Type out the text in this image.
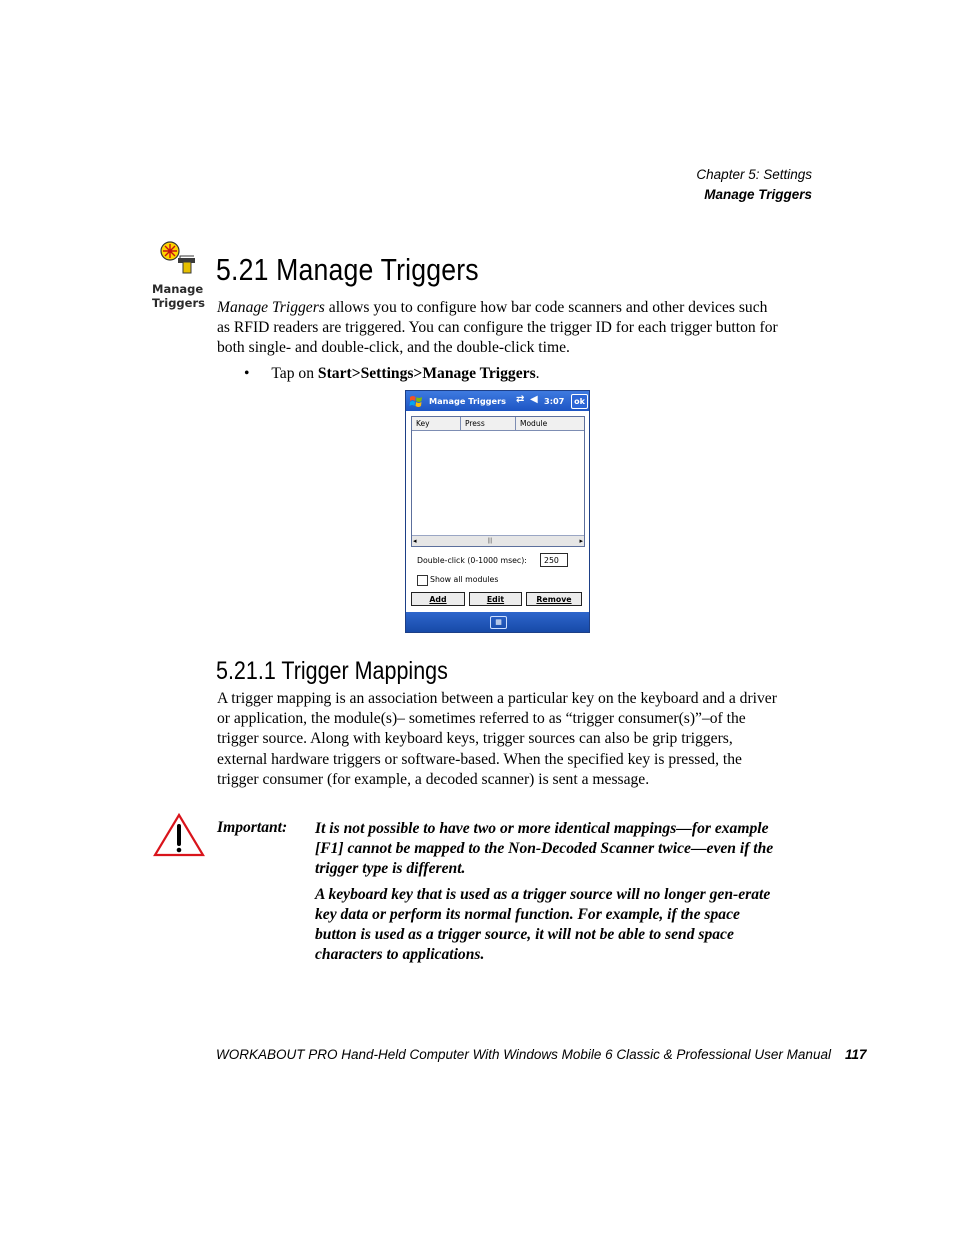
Chapter 5: Settings
Manage Triggers
Manage
Triggers
5.21 Manage Triggers

Manage Triggers allows you to configure how bar code scanners and other devices such as RFID readers are triggered. You can configure the trigger ID for each trigger button for both single- and double-click, and the double-click time.

• Tap on Start>Settings>Manage Triggers.
Manage Triggers ⇄ ◀ 3:07	ok
Key	Press	Module
◂	|||	▸
Double-click (0-1000 msec):	250
Show all modules
Add	Edit	Remove
▦
5.21.1 Trigger Mappings

A trigger mapping is an association between a particular key on the keyboard and a driver or application, the module(s)– sometimes referred to as “trigger consumer(s)”–of the trigger source. Along with keyboard keys, trigger sources can also be grip triggers, external hardware triggers or software-based. When the specified key is pressed, the trigger consumer (for example, a decoded scanner) is sent a message.

Important: It is not possible to have two or more identical mappings—for example [F1] cannot be mapped to the Non-Decoded Scanner twice—even if the trigger type is different.

A keyboard key that is used as a trigger source will no longer gen-erate key data or perform its normal function. For example, if the space button is used as a trigger source, it will not be able to send space characters to applications.

WORKABOUT PRO Hand-Held Computer With Windows Mobile 6 Classic & Professional User Manual 117
